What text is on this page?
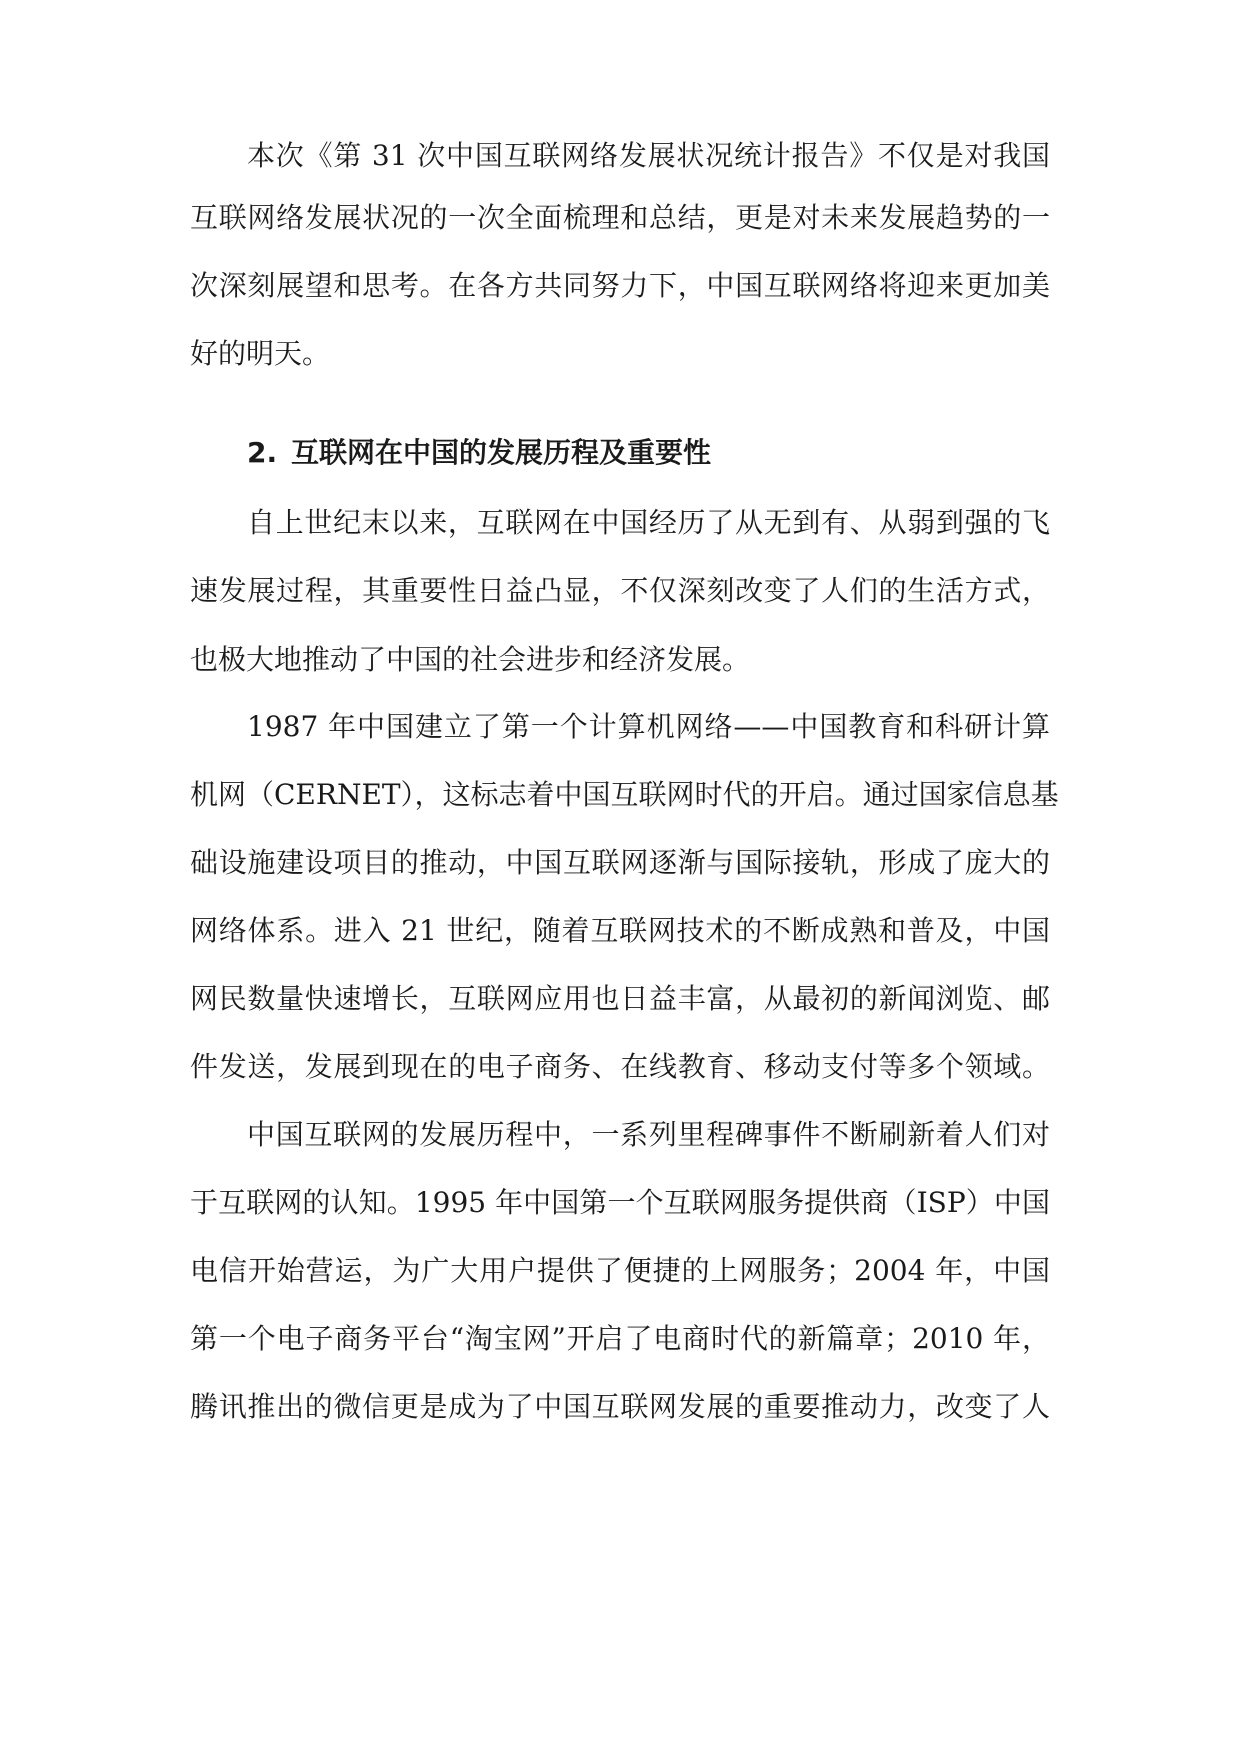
本次《第 31 次中国互联网络发展状况统计报告》不仅是对我国
互联网络发展状况的一次全面梳理和总结，更是对未来发展趋势的一
次深刻展望和思考。在各方共同努力下，中国互联网络将迎来更加美
好的明天。
2. 互联网在中国的发展历程及重要性
自上世纪末以来，互联网在中国经历了从无到有、从弱到强的飞
速发展过程，其重要性日益凸显，不仅深刻改变了人们的生活方式，
也极大地推动了中国的社会进步和经济发展。
1987 年中国建立了第一个计算机网络——中国教育和科研计算
机网（CERNET），这标志着中国互联网时代的开启。通过国家信息基
础设施建设项目的推动，中国互联网逐渐与国际接轨，形成了庞大的
网络体系。进入 21 世纪，随着互联网技术的不断成熟和普及，中国
网民数量快速增长，互联网应用也日益丰富，从最初的新闻浏览、邮
件发送，发展到现在的电子商务、在线教育、移动支付等多个领域。
中国互联网的发展历程中，一系列里程碑事件不断刷新着人们对
于互联网的认知。1995 年中国第一个互联网服务提供商（ISP）中国
电信开始营运，为广大用户提供了便捷的上网服务；2004 年，中国
第一个电子商务平台“淘宝网”开启了电商时代的新篇章；2010 年，
腾讯推出的微信更是成为了中国互联网发展的重要推动力，改变了人
